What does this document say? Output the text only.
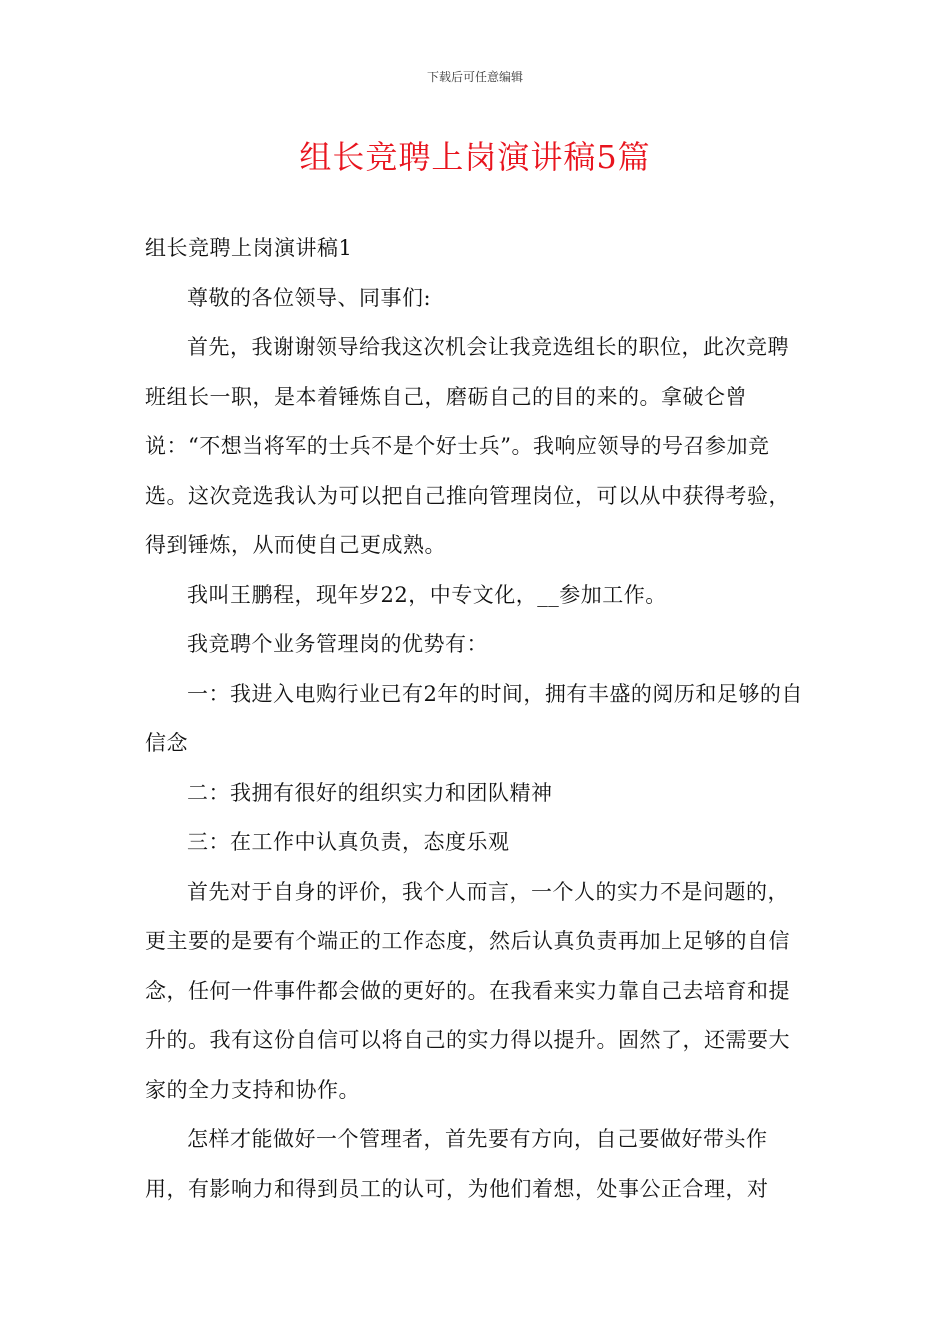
下载后可任意编辑
组长竞聘上岗演讲稿5篇

组长竞聘上岗演讲稿1

尊敬的各位领导、同事们:

首先，我谢谢领导给我这次机会让我竞选组长的职位，此次竞聘班组长一职，是本着锤炼自己，磨砺自己的目的来的。拿破仑曾说：“不想当将军的士兵不是个好士兵”。我响应领导的号召参加竞选。这次竞选我认为可以把自己推向管理岗位，可以从中获得考验，得到锤炼，从而使自己更成熟。

我叫王鹏程，现年岁22，中专文化，__参加工作。

我竞聘个业务管理岗的优势有：

一：我进入电购行业已有2年的时间，拥有丰盛的阅历和足够的自信念

二：我拥有很好的组织实力和团队精神

三：在工作中认真负责，态度乐观

首先对于自身的评价，我个人而言，一个人的实力不是问题的，更主要的是要有个端正的工作态度，然后认真负责再加上足够的自信念，任何一件事件都会做的更好的。在我看来实力靠自己去培育和提升的。我有这份自信可以将自己的实力得以提升。固然了，还需要大家的全力支持和协作。

怎样才能做好一个管理者，首先要有方向，自己要做好带头作用，有影响力和得到员工的认可，为他们着想，处事公正合理，对
